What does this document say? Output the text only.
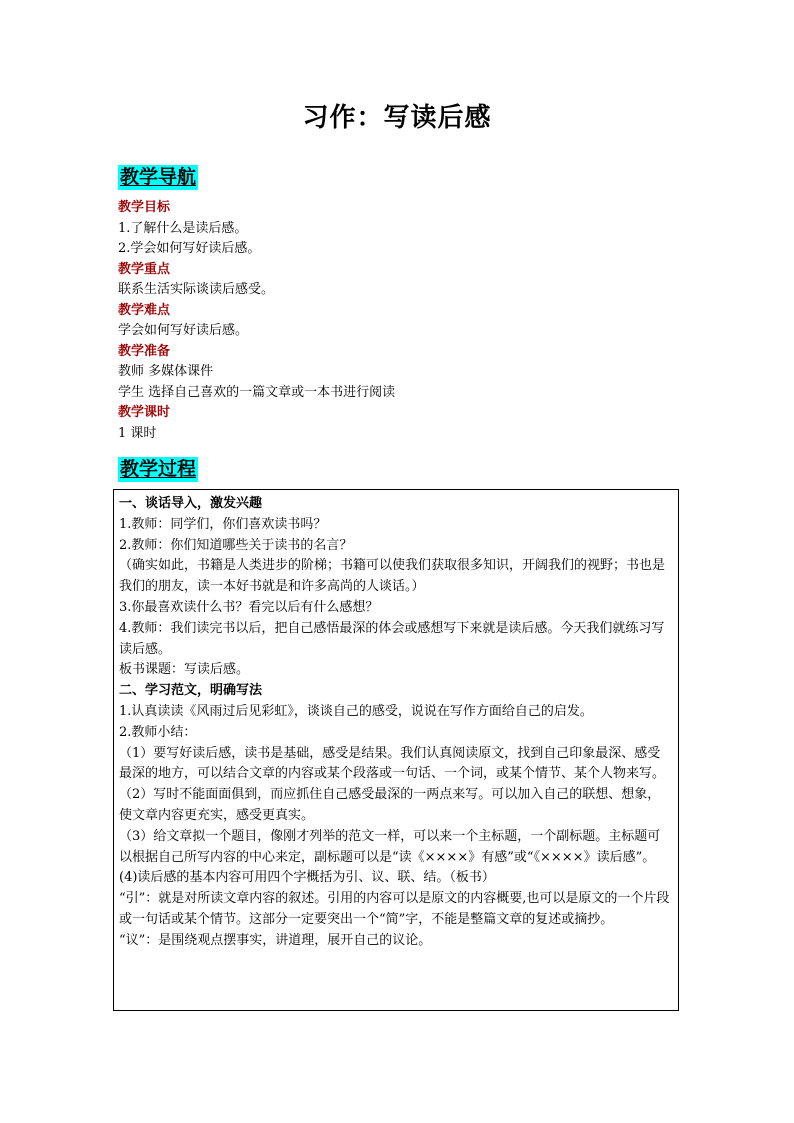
习作：写读后感
教学导航
教学目标
1.了解什么是读后感。
2.学会如何写好读后感。
教学重点
联系生活实际谈读后感受。
教学难点
学会如何写好读后感。
教学准备
教师 多媒体课件
学生 选择自己喜欢的一篇文章或一本书进行阅读
教学课时
1 课时
教学过程

一、谈话导入，激发兴趣

1.教师：同学们，你们喜欢读书吗？

2.教师：你们知道哪些关于读书的名言？

（确实如此，书籍是人类进步的阶梯；书籍可以使我们获取很多知识，开阔我们的视野；书也是我们的朋友，读一本好书就是和许多高尚的人谈话。）

3.你最喜欢读什么书？看完以后有什么感想？

4.教师：我们读完书以后，把自己感悟最深的体会或感想写下来就是读后感。今天我们就练习写读后感。

板书课题：写读后感。

二、学习范文，明确写法

1.认真读读《风雨过后见彩虹》，谈谈自己的感受，说说在写作方面给自己的启发。

2.教师小结：

（1）要写好读后感，读书是基础，感受是结果。我们认真阅读原文，找到自己印象最深、感受最深的地方，可以结合文章的内容或某个段落或一句话、一个词，或某个情节、某个人物来写。

（2）写时不能面面俱到，而应抓住自己感受最深的一两点来写。可以加入自己的联想、想象，使文章内容更充实，感受更真实。

（3）给文章拟一个题目，像刚才列举的范文一样，可以来一个主标题，一个副标题。主标题可以根据自己所写内容的中心来定，副标题可以是“读《××××》有感”或“《××××》读后感”。

(4)读后感的基本内容可用四个字概括为引、议、联、结。（板书）

“引”：就是对所读文章内容的叙述。引用的内容可以是原文的内容概要,也可以是原文的一个片段或一句话或某个情节。这部分一定要突出一个“简”字，不能是整篇文章的复述或摘抄。

“议”：是围绕观点摆事实，讲道理，展开自己的议论。
